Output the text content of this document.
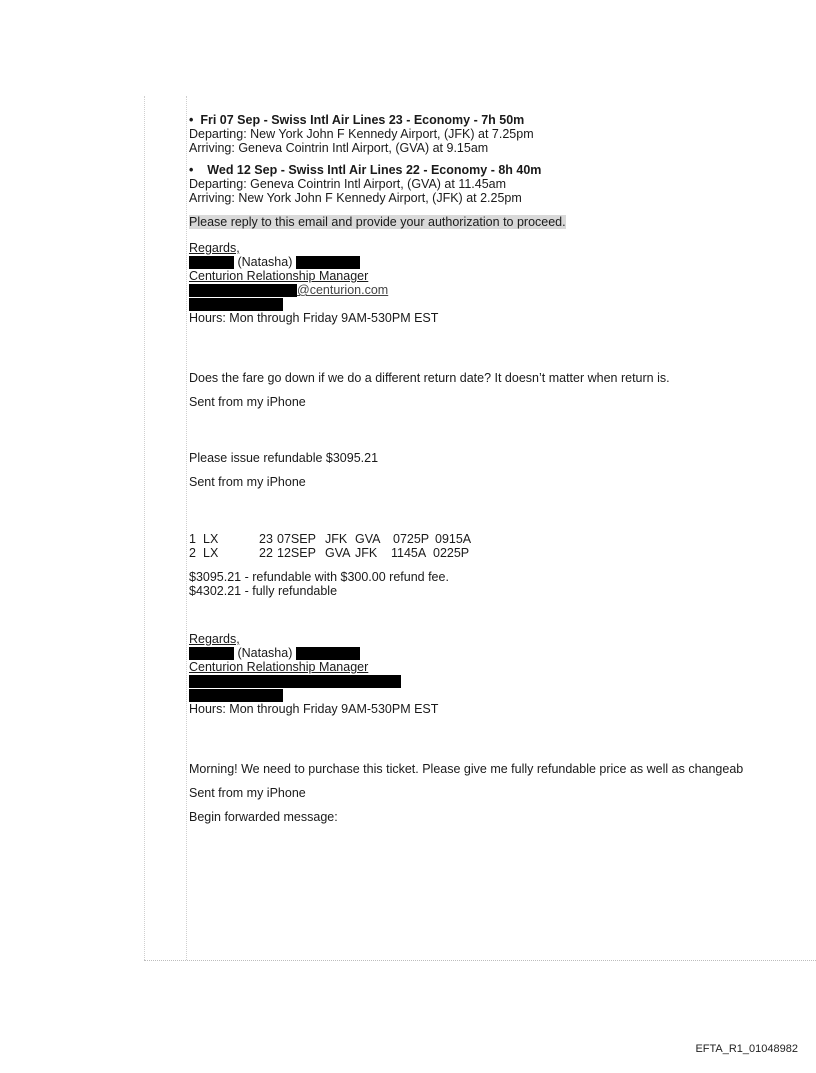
• Fri 07 Sep - Swiss Intl Air Lines 23 - Economy - 7h 50m
Departing: New York John F Kennedy Airport, (JFK) at 7.25pm
Arriving: Geneva Cointrin Intl Airport, (GVA) at 9.15am
• Wed 12 Sep - Swiss Intl Air Lines 22 - Economy - 8h 40m
Departing: Geneva Cointrin Intl Airport, (GVA) at 11.45am
Arriving: New York John F Kennedy Airport, (JFK) at 2.25pm
Please reply to this email and provide your authorization to proceed.
Regards,
(Natasha)
Centurion Relationship Manager
@centurion.com
Hours: Mon through Friday 9AM-530PM EST
Does the fare go down if we do a different return date? It doesn’t matter when return is.
Sent from my iPhone
Please issue refundable $3095.21
Sent from my iPhone
1 LX	23 07SEP JFK GVA 0725P 0915A
2 LX	22 12SEP GVA JFK 1145A 0225P
$3095.21 - refundable with $300.00 refund fee.
$4302.21 - fully refundable
Regards,
(Natasha)
Centurion Relationship Manager
Hours: Mon through Friday 9AM-530PM EST
Morning! We need to purchase this ticket. Please give me fully refundable price as well as changeab
Sent from my iPhone
Begin forwarded message:
EFTA_R1_01048982
